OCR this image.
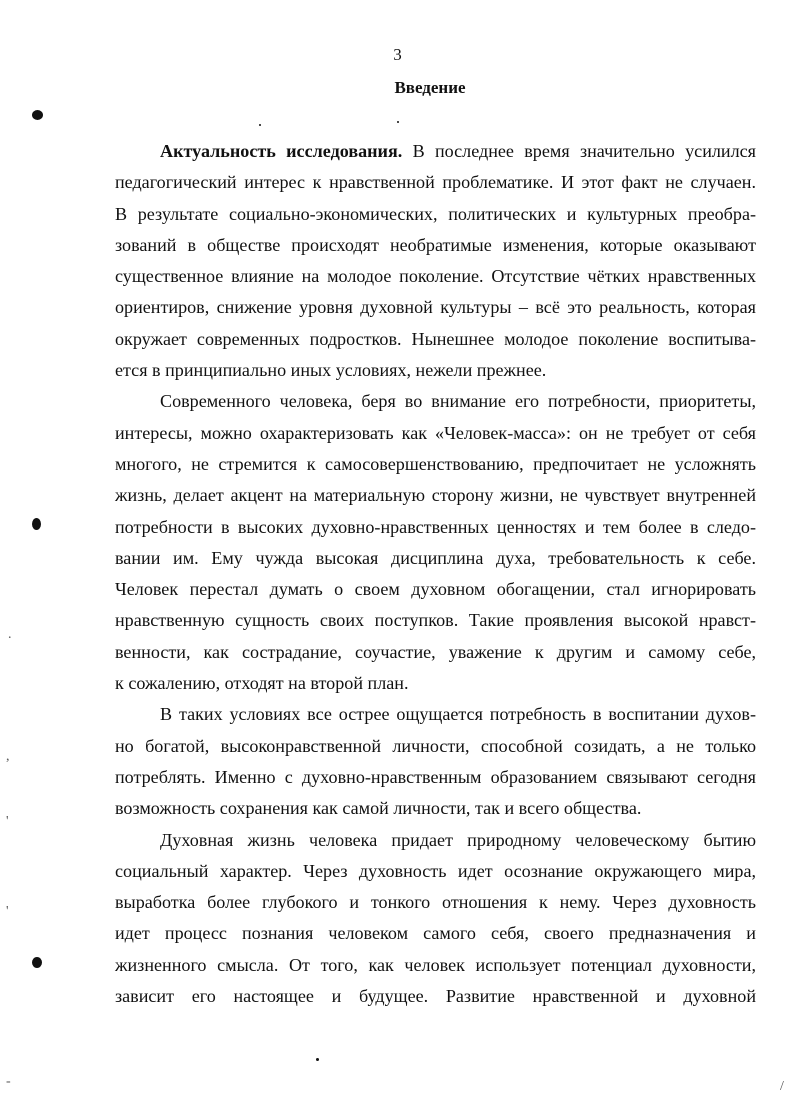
.
,
'
'
-	/
3
Введение
Актуальность исследования. В последнее время значительно усилился
педагогический интерес к нравственной проблематике. И этот факт не случаен.
В результате социально-экономических, политических и культурных преобра-
зований в обществе происходят необратимые изменения, которые оказывают
существенное влияние на молодое поколение. Отсутствие чётких нравственных
ориентиров, снижение уровня духовной культуры – всё это реальность, которая
окружает современных подростков. Нынешнее молодое поколение воспитыва-
ется в принципиально иных условиях, нежели прежнее.
Современного человека, беря во внимание его потребности, приоритеты,
интересы, можно охарактеризовать как «Человек-масса»: он не требует от себя
многого, не стремится к самосовершенствованию, предпочитает не усложнять
жизнь, делает акцент на материальную сторону жизни, не чувствует внутренней
потребности в высоких духовно-нравственных ценностях и тем более в следо-
вании им. Ему чужда высокая дисциплина духа, требовательность к себе.
Человек перестал думать о своем духовном обогащении, стал игнорировать
нравственную сущность своих поступков. Такие проявления высокой нравст-
венности, как сострадание, соучастие, уважение к другим и самому себе,
к сожалению, отходят на второй план.
В таких условиях все острее ощущается потребность в воспитании духов-
но богатой, высоконравственной личности, способной созидать, а не только
потреблять. Именно с духовно-нравственным образованием связывают сегодня
возможность сохранения как самой личности, так и всего общества.
Духовная жизнь человека придает природному человеческому бытию
социальный характер. Через духовность идет осознание окружающего мира,
выработка более глубокого и тонкого отношения к нему. Через духовность
идет процесс познания человеком самого себя, своего предназначения и
жизненного смысла. От того, как человек использует потенциал духовности,
зависит его настоящее и будущее. Развитие нравственной и духовной
